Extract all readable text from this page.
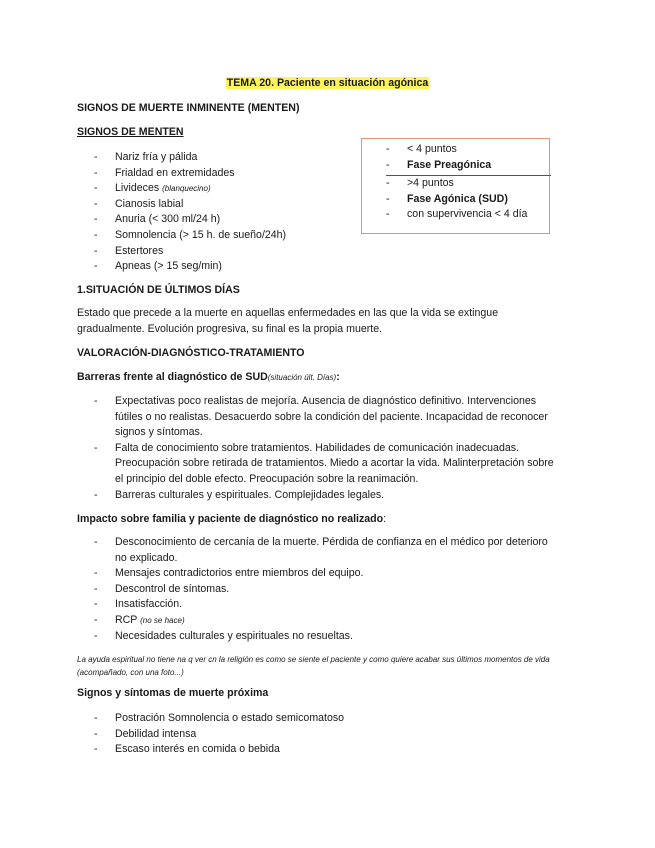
TEMA 20. Paciente en situación agónica
SIGNOS DE MUERTE INMINENTE (MENTEN)
SIGNOS DE MENTEN
- Nariz fría y pálida
- Frialdad en extremidades
- Livideces (blanquecino)
- Cianosis labial
- Anuria (< 300 ml/24 h)
- Somnolencia (> 15 h. de sueño/24h)
- Estertores
- Apneas (> 15 seg/min)
- < 4 puntos
- Fase Preagónica
- >4 puntos
- Fase Agónica (SUD)
- con supervivencia < 4 día
1.SITUACIÓN DE ÚLTIMOS DÍAS
Estado que precede a la muerte en aquellas enfermedades en las que la vida se extingue
gradualmente. Evolución progresiva, su final es la propia muerte.
VALORACIÓN-DIAGNÓSTICO-TRATAMIENTO
Barreras frente al diagnóstico de SUD(situación últ. Días):
- Expectativas poco realistas de mejoría. Ausencia de diagnóstico definitivo. Intervenciones fútiles o no realistas. Desacuerdo sobre la condición del paciente. Incapacidad de reconocer signos y síntomas.
- Falta de conocimiento sobre tratamientos. Habilidades de comunicación inadecuadas. Preocupación sobre retirada de tratamientos. Miedo a acortar la vida. Malinterpretación sobre el principio del doble efecto. Preocupación sobre la reanimación.
- Barreras culturales y espirituales. Complejidades legales.
Impacto sobre familia y paciente de diagnóstico no realizado:
- Desconocimiento de cercanía de la muerte. Pérdida de confianza en el médico por deterioro no explicado.
- Mensajes contradictorios entre miembros del equipo.
- Descontrol de síntomas.
- Insatisfacción.
- RCP (no se hace)
- Necesidades culturales y espirituales no resueltas.
La ayuda espiritual no tiene na q ver cn la religión es como se siente el paciente y como quiere acabar sus últimos momentos de vida (acompañado, con una foto...)
Signos y síntomas de muerte próxima
- Postración Somnolencia o estado semicomatoso
- Debilidad intensa
- Escaso interés en comida o bebida
